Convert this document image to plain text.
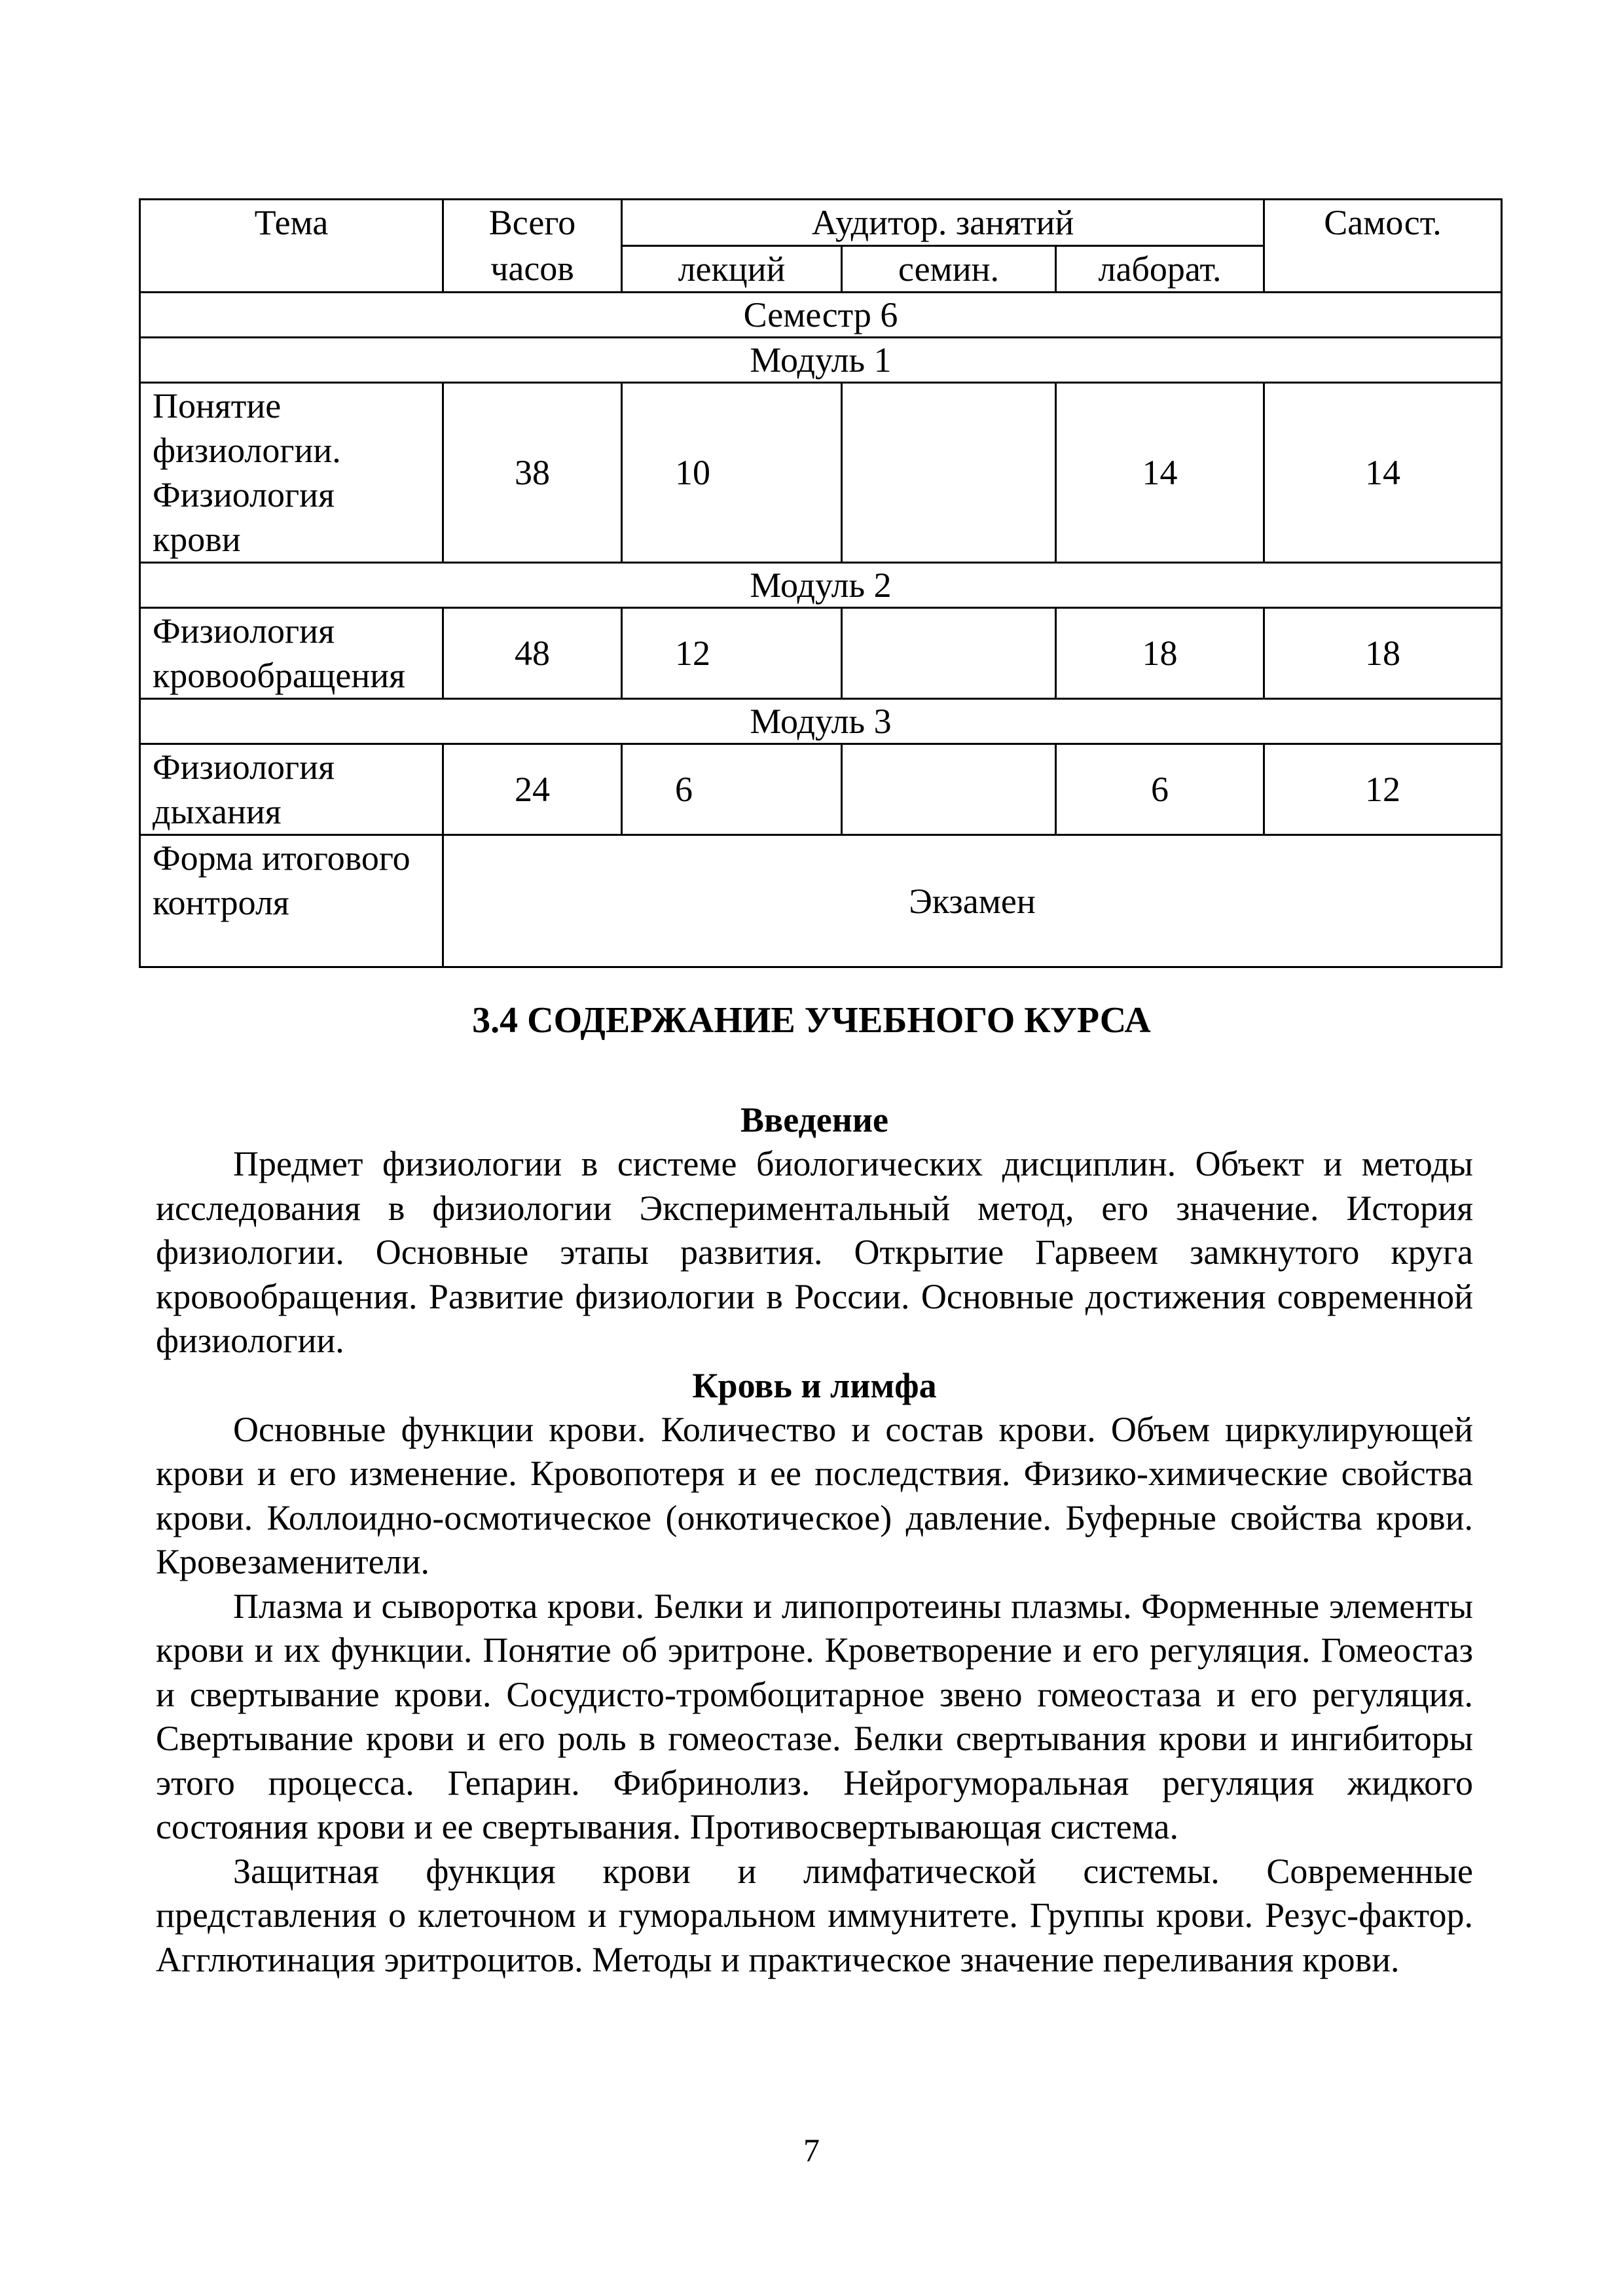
Тема	Всего	Аудитор. занятий			Самост.
	часов	лекций	семин.	лаборат.	
Семестр 6					
Модуль 1					
Понятие физиологии. Физиология крови	38	10		14	14
Модуль 2					
Физиология кровообращения	48	12		18	18
Модуль 3					
Физиология дыхания	24	6		6	12
Форма итогового контроля	Экзамен				
3.4 СОДЕРЖАНИЕ УЧЕБНОГО КУРСА
Введение

Предмет физиологии в системе биологических дисциплин. Объект и методы исследования в физиологии Экспериментальный метод, его значение. История физиологии. Основные этапы развития. Открытие Гарвеем замкнутого круга кровообращения. Развитие физиологии в России. Основные достижения современной физиологии.

Кровь и лимфа

Основные функции крови. Количество и состав крови. Объем циркулирующей крови и его изменение. Кровопотеря и ее последствия. Физико-химические свойства крови. Коллоидно-осмотическое (онкотическое) давление. Буферные свойства крови. Кровезаменители.

Плазма и сыворотка крови. Белки и липопротеины плазмы. Форменные элементы крови и их функции. Понятие об эритроне. Кроветворение и его регуляция. Гомеостаз и свертывание крови. Сосудисто-тромбоцитарное звено гомеостаза и его регуляция. Свертывание крови и его роль в гомеостазе. Белки свертывания крови и ингибиторы этого процесса. Гепарин. Фибринолиз. Нейрогуморальная регуляция жидкого состояния крови и ее свертывания. Противосвертывающая система.

Защитная функция крови и лимфатической системы. Современные представления о клеточном и гуморальном иммунитете. Группы крови. Резус-фактор. Агглютинация эритроцитов. Методы и практическое значение переливания крови.

7
